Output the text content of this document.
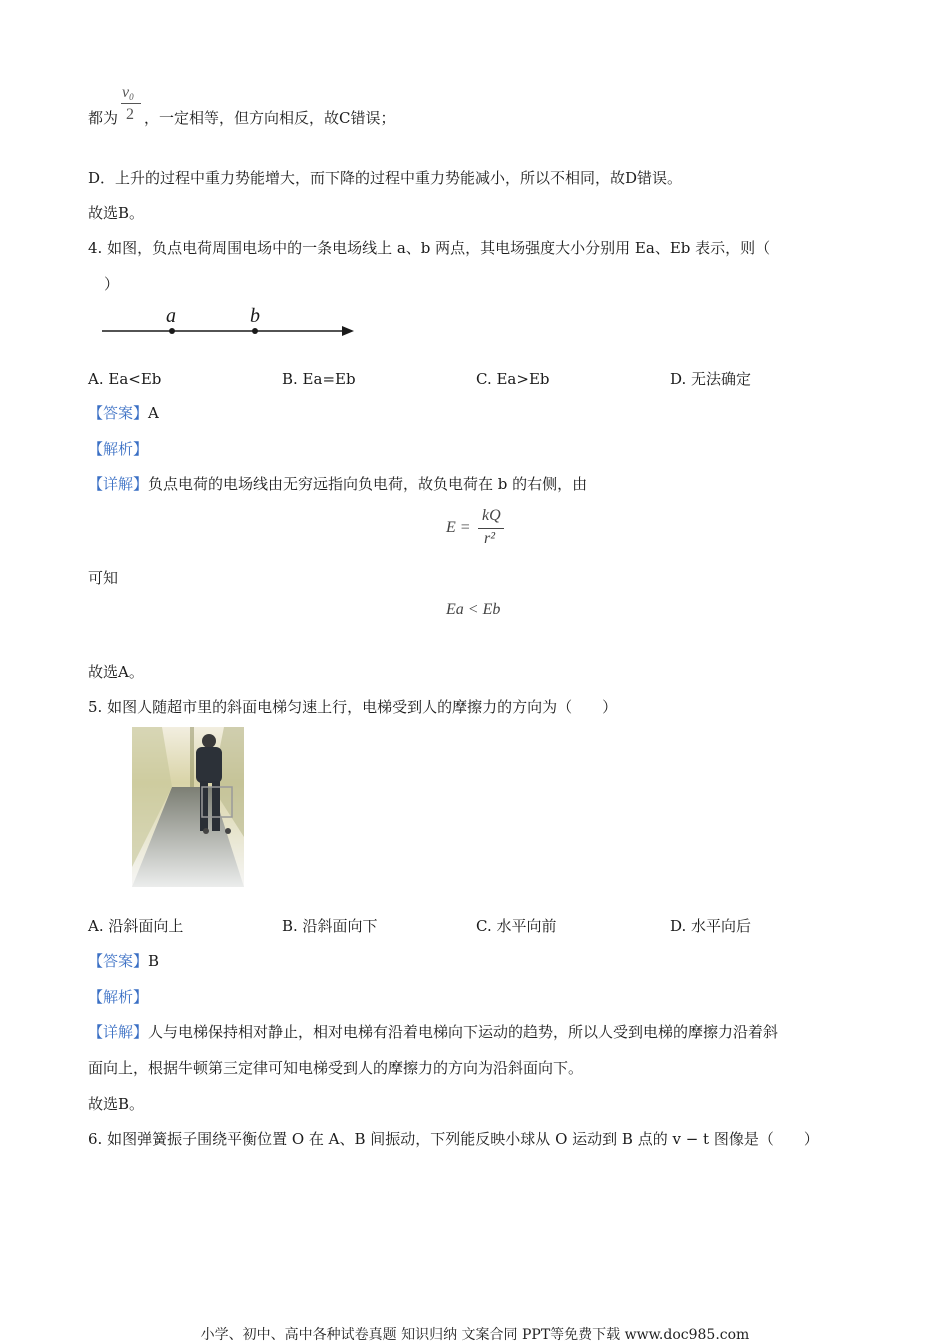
$v_0$
2
都为 ，一定相等，但方向相反，故C错误；
D．上升的过程中重力势能增大，而下降的过程中重力势能减小，所以不相同，故D错误。
故选B。
4. 如图，负点电荷周围电场中的一条电场线上 a、b 两点，其电场强度大小分别用 Ea、Eb 表示，则（
）
a	b
A. Ea<Eb	B. Ea=Eb	C. Ea>Eb	D. 无法确定
【答案】A
【解析】
【详解】负点电荷的电场线由无穷远指向负电荷，故负电荷在 b 的右侧，由
E =
kQ
r²
可知
Ea < Eb
故选A。
5. 如图人随超市里的斜面电梯匀速上行，电梯受到人的摩擦力的方向为（　　）
A. 沿斜面向上	B. 沿斜面向下	C. 水平向前	D. 水平向后
【答案】B
【解析】
【详解】人与电梯保持相对静止，相对电梯有沿着电梯向下运动的趋势，所以人受到电梯的摩擦力沿着斜
面向上，根据牛顿第三定律可知电梯受到人的摩擦力的方向为沿斜面向下。
故选B。
6. 如图弹簧振子围绕平衡位置 O 在 A、B 间振动，下列能反映小球从 O 运动到 B 点的 v − t 图像是（　　）
小学、初中、高中各种试卷真题 知识归纳 文案合同 PPT等免费下载 www.doc985.com
